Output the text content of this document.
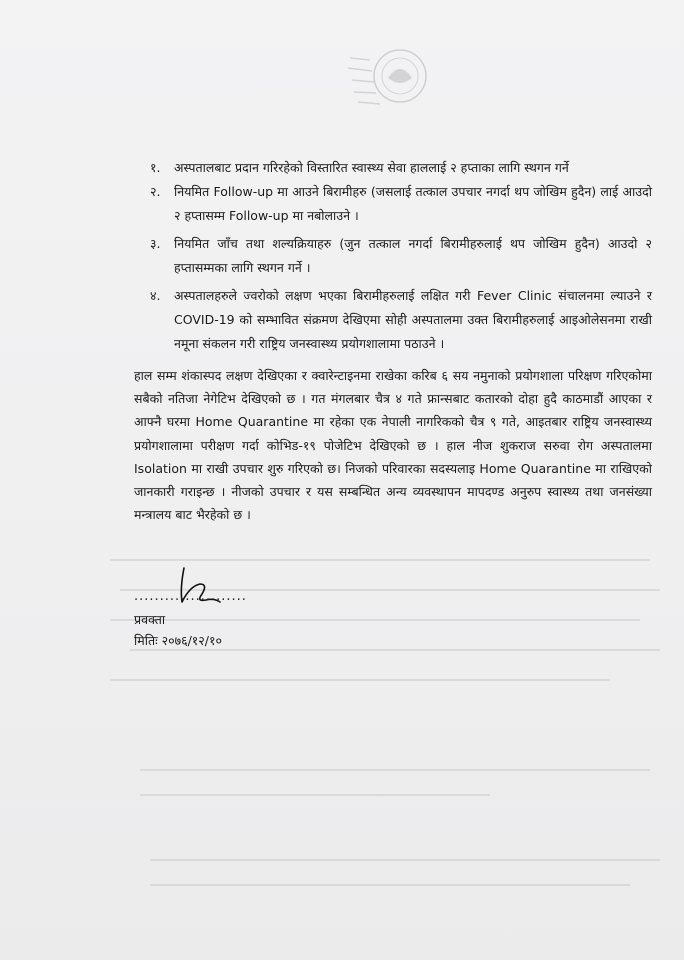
१.	अस्पतालबाट प्रदान गरिरहेको विस्तारित स्वास्थ्य सेवा हाललाई २ हप्ताका लागि स्थगन गर्ने
२.	नियमित Follow-up मा आउने बिरामीहरु (जसलाई तत्काल उपचार नगर्दा थप जोखिम हुदैन) लाई आउदो २ हप्तासम्म Follow-up मा नबोलाउने ।
३.	नियमित जाँच तथा शल्यक्रियाहरु (जुन तत्काल नगर्दा बिरामीहरुलाई थप जोखिम हुदैन) आउदो २ हप्तासम्मका लागि स्थगन गर्ने ।
४.	अस्पतालहरुले ज्वरोको लक्षण भएका बिरामीहरुलाई लक्षित गरी Fever Clinic संचालनमा ल्याउने र COVID-19 को सम्भावित संक्रमण देखिएमा सोही अस्पतालमा उक्त बिरामीहरुलाई आइओलेसनमा राखी नमूना संकलन गरी राष्ट्रिय जनस्वास्थ्य प्रयोगशालामा पठाउने ।
हाल सम्म शंकास्पद लक्षण देखिएका र क्वारेन्टाइनमा राखेका करिब ६ सय नमुनाको प्रयोगशाला परिक्षण गरिएकोमा सबैको नतिजा नेगेटिभ देखिएको छ । गत मंगलबार चैत्र ४ गते फ्रान्सबाट कतारको दोहा हुदै काठमाडौं आएका र आफ्नै घरमा Home Quarantine मा रहेका एक नेपाली नागरिकको चैत्र ९ गते, आइतबार राष्ट्रिय जनस्वास्थ्य प्रयोगशालामा परीक्षण गर्दा कोभिड-१९ पोजेटिभ देखिएको छ । हाल नीज शुकराज सरुवा रोग अस्पतालमा Isolation मा राखी उपचार शुरु गरिएको छ। निजको परिवारका सदस्यलाइ Home Quarantine मा राखिएको जानकारी गराइन्छ । नीजको उपचार र यस सम्बन्धित अन्य व्यवस्थापन मापदण्ड अनुरुप स्वास्थ्य तथा जनसंख्या मन्त्रालय बाट भैरहेको छ ।
......................
प्रवक्ता
मितिः २०७६/१२/१०
